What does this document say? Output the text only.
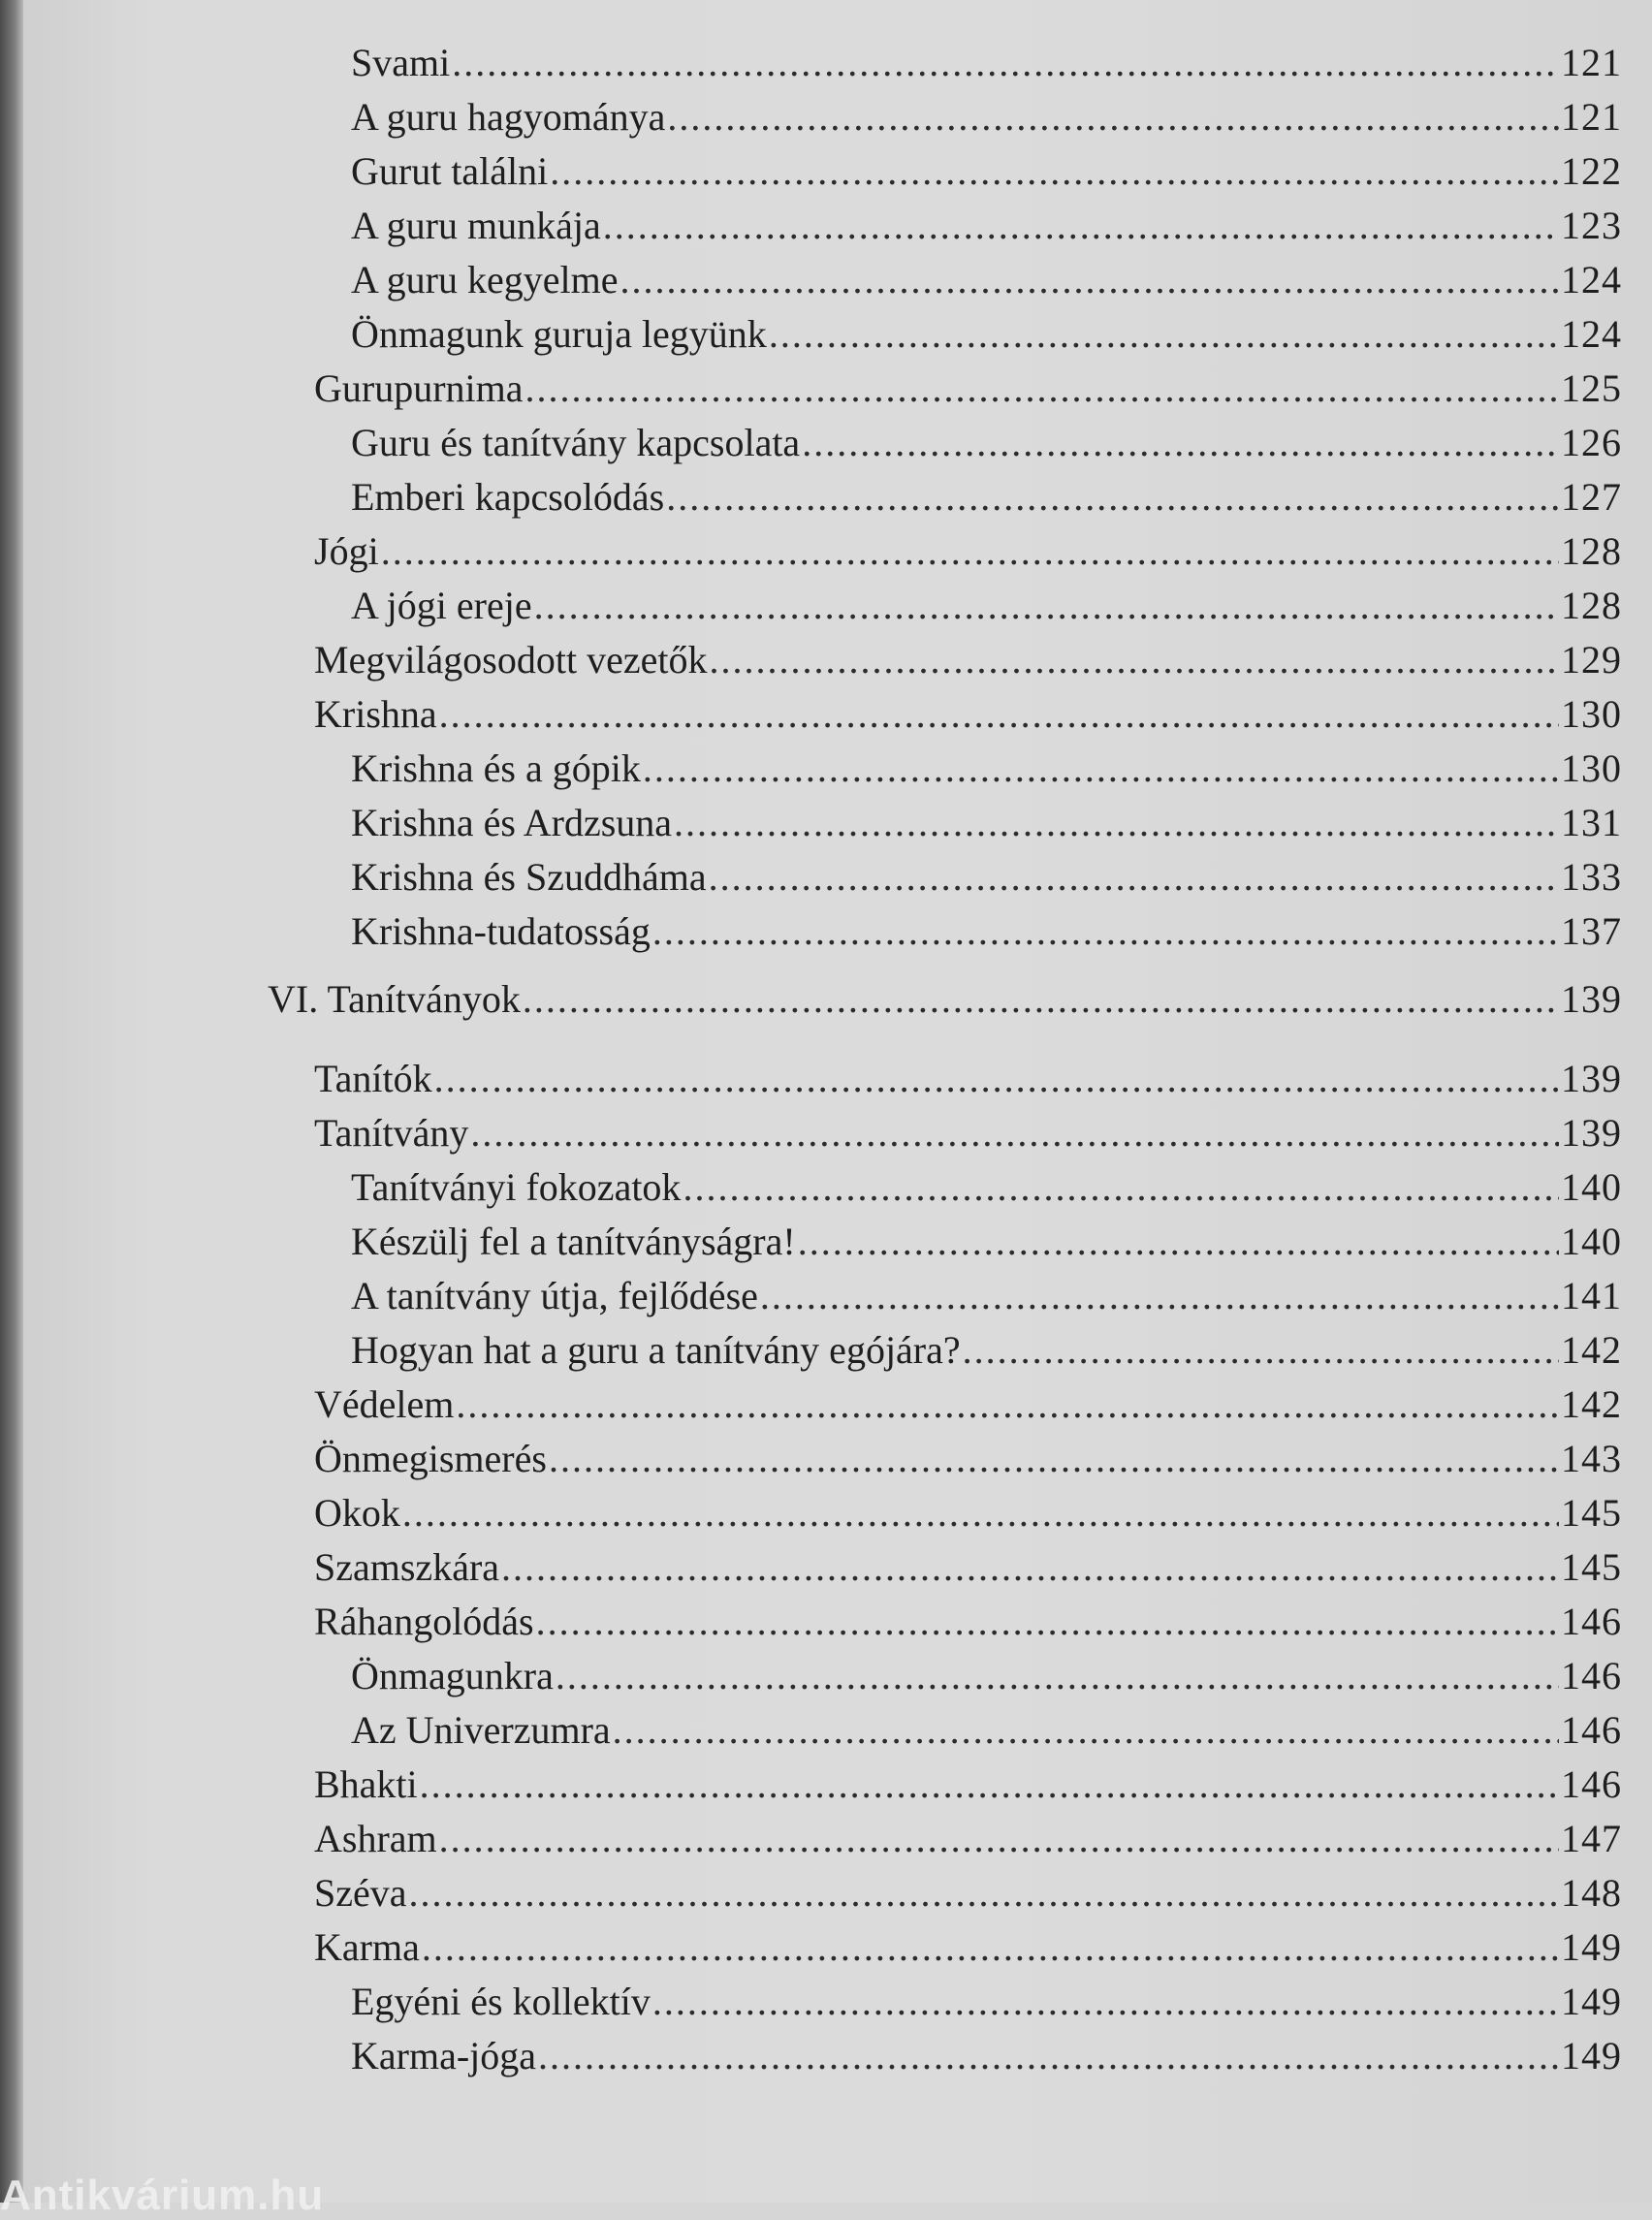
Svami .....	121
A guru hagyománya .....	121
Gurut találni .....	122
A guru munkája .....	123
A guru kegyelme .....	124
Önmagunk guruja legyünk .....	124
Gurupurnima .....	125
Guru és tanítvány kapcsolata .....	126
Emberi kapcsolódás .....	127
Jógi .....	128
A jógi ereje .....	128
Megvilágosodott vezetők .....	129
Krishna .....	130
Krishna és a gópik .....	130
Krishna és Ardzsuna .....	131
Krishna és Szuddháma .....	133
Krishna-tudatosság .....	137
VI. Tanítványok .....	139
Tanítók .....	139
Tanítvány .....	139
Tanítványi fokozatok .....	140
Készülj fel a tanítványságra! .....	140
A tanítvány útja, fejlődése .....	141
Hogyan hat a guru a tanítvány egójára? .....	142
Védelem .....	142
Önmegismerés .....	143
Okok .....	145
Szamszkára .....	145
Ráhangolódás .....	146
Önmagunkra .....	146
Az Univerzumra .....	146
Bhakti .....	146
Ashram .....	147
Széva .....	148
Karma .....	149
Egyéni és kollektív .....	149
Karma-jóga .....	149
Antikvárium.hu
